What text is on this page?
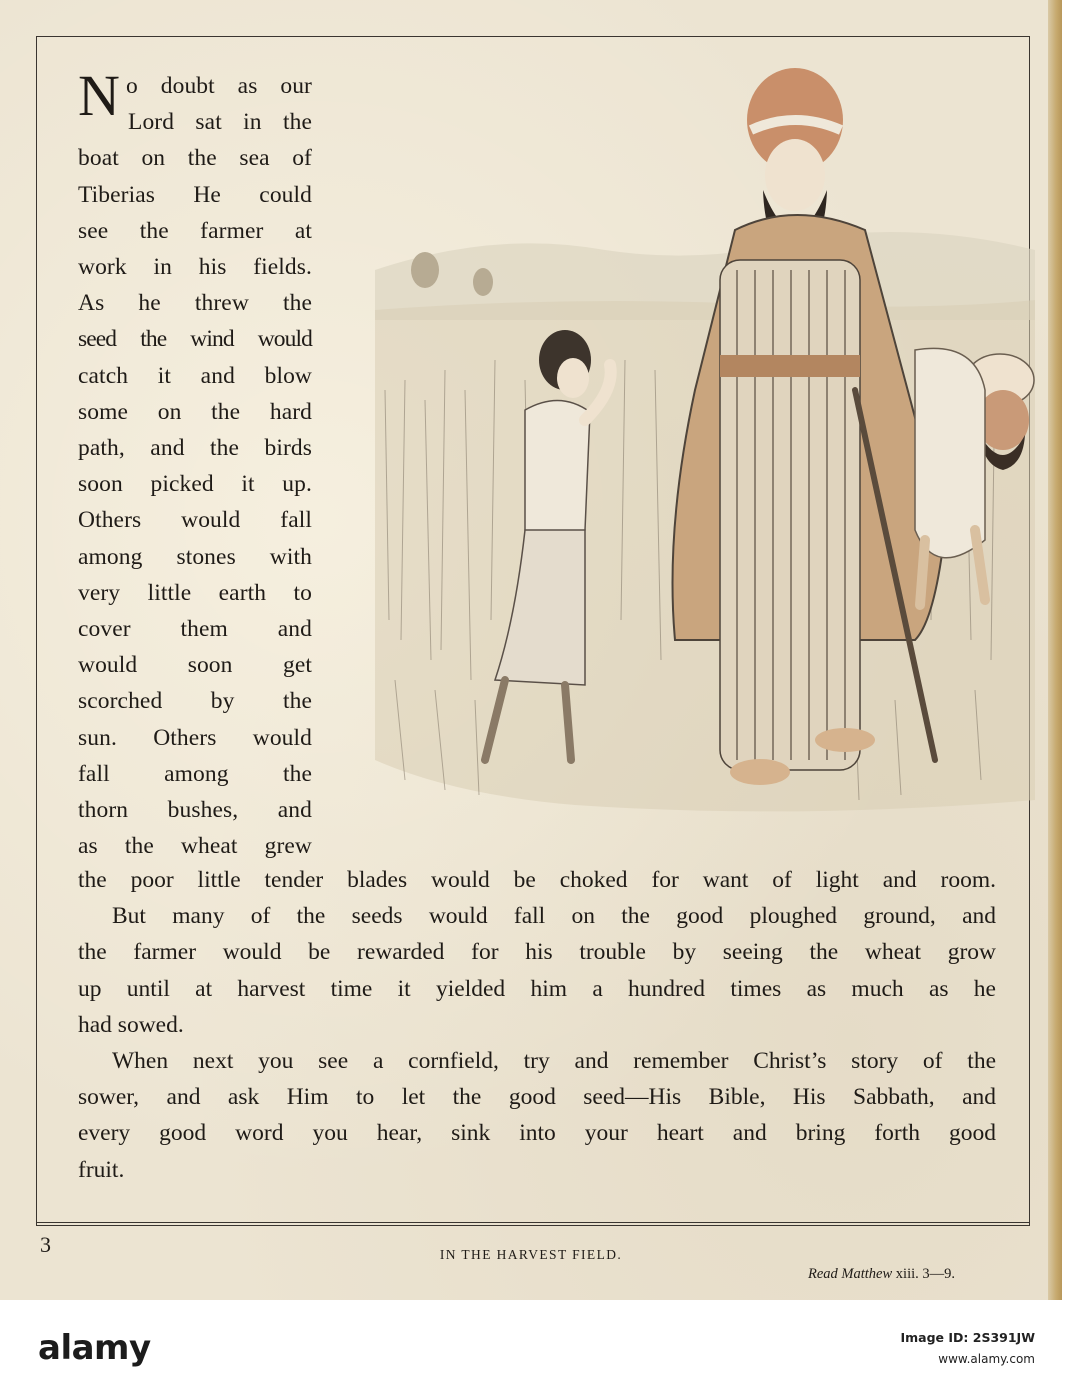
N o doubt as our
Lord sat in the
boat on the sea of
Tiberias He could
see the farmer at
work in his fields.
As he threw the
seed the wind would
catch it and blow
some on the hard
path, and the birds
soon picked it up.
Others would fall
among stones with
very little earth to
cover them and
would soon get
scorched by the
sun. Others would
fall among the
thorn bushes, and
as the wheat grew
the poor little tender blades would be choked for want of light and room.
But many of the seeds would fall on the good ploughed ground, and
the farmer would be rewarded for his trouble by seeing the wheat grow
up until at harvest time it yielded him a hundred times as much as he
had sowed.
When next you see a cornfield, try and remember Christ’s story of the
sower, and ask Him to let the good seed—His Bible, His Sabbath, and
every good word you hear, sink into your heart and bring forth good
fruit.
3	IN THE HARVEST FIELD.
Read Matthew xiii. 3—9.
alamy	Image ID: 2S391JW
www.alamy.com
